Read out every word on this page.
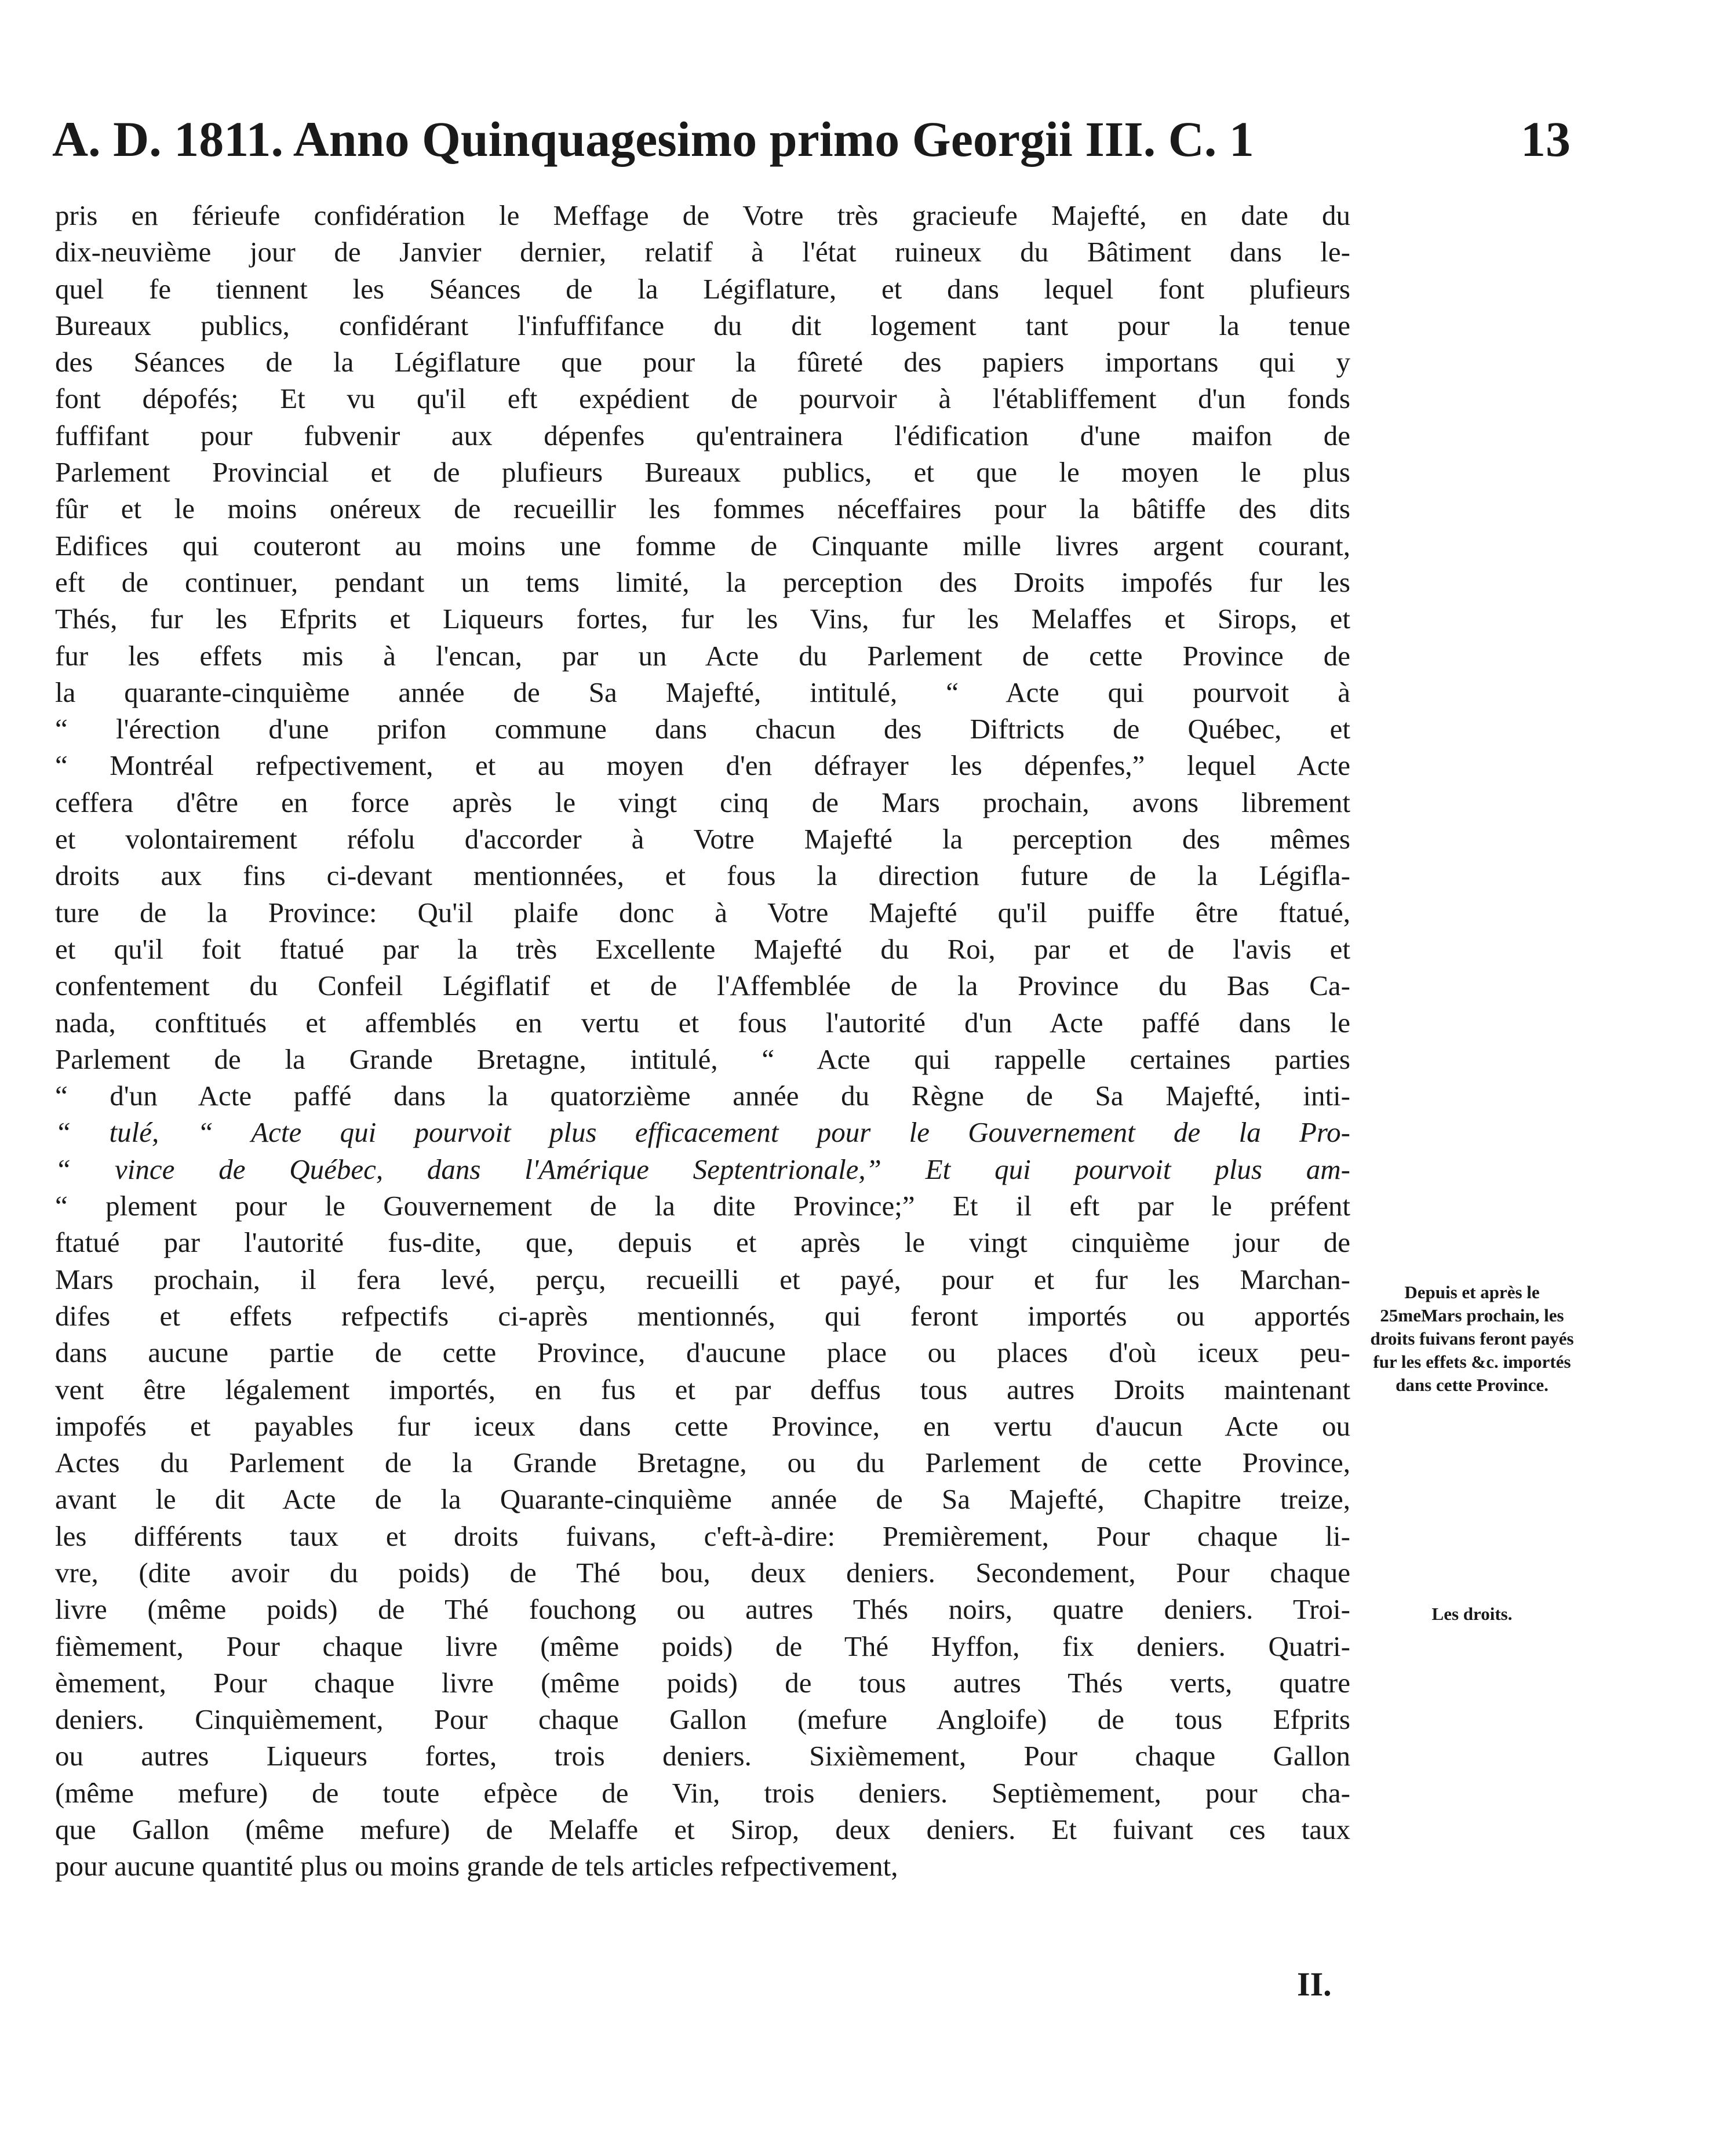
A. D. 1811. Anno Quinquagesimo primo Georgii III. C. 1	13
pris en férieufe confidération le Meffage de Votre très gracieufe Majefté, en date du
dix-neuvième jour de Janvier dernier, relatif à l'état ruineux du Bâtiment dans le-
quel fe tiennent les Séances de la Légiflature, et dans lequel font plufieurs
Bureaux publics, confidérant l'infuffifance du dit logement tant pour la tenue
des Séances de la Légiflature que pour la fûreté des papiers importans qui y
font dépofés; Et vu qu'il eft expédient de pourvoir à l'établiffement d'un fonds
fuffifant pour fubvenir aux dépenfes qu'entrainera l'édification d'une maifon de
Parlement Provincial et de plufieurs Bureaux publics, et que le moyen le plus
fûr et le moins onéreux de recueillir les fommes néceffaires pour la bâtiffe des dits
Edifices qui couteront au moins une fomme de Cinquante mille livres argent courant,
eft de continuer, pendant un tems limité, la perception des Droits impofés fur les
Thés, fur les Efprits et Liqueurs fortes, fur les Vins, fur les Melaffes et Sirops, et
fur les effets mis à l'encan, par un Acte du Parlement de cette Province de
la quarante-cinquième année de Sa Majefté, intitulé, “ Acte qui pourvoit à
“ l'érection d'une prifon commune dans chacun des Diftricts de Québec, et
“ Montréal refpectivement, et au moyen d'en défrayer les dépenfes,” lequel Acte
ceffera d'être en force après le vingt cinq de Mars prochain, avons librement
et volontairement réfolu d'accorder à Votre Majefté la perception des mêmes
droits aux fins ci-devant mentionnées, et fous la direction future de la Légifla-
ture de la Province: Qu'il plaife donc à Votre Majefté qu'il puiffe être ftatué,
et qu'il foit ftatué par la très Excellente Majefté du Roi, par et de l'avis et
confentement du Confeil Légiflatif et de l'Affemblée de la Province du Bas Ca-
nada, conftitués et affemblés en vertu et fous l'autorité d'un Acte paffé dans le
Parlement de la Grande Bretagne, intitulé, “ Acte qui rappelle certaines parties
“ d'un Acte paffé dans la quatorzième année du Règne de Sa Majefté, inti-
“ tulé, “ Acte qui pourvoit plus efficacement pour le Gouvernement de la Pro-
“ vince de Québec, dans l'Amérique Septentrionale,” Et qui pourvoit plus am-
“ plement pour le Gouvernement de la dite Province;” Et il eft par le préfent
ftatué par l'autorité fus-dite, que, depuis et après le vingt cinquième jour de
Mars prochain, il fera levé, perçu, recueilli et payé, pour et fur les Marchan-
difes et effets refpectifs ci-après mentionnés, qui feront importés ou apportés
dans aucune partie de cette Province, d'aucune place ou places d'où iceux peu-
vent être légalement importés, en fus et par deffus tous autres Droits maintenant
impofés et payables fur iceux dans cette Province, en vertu d'aucun Acte ou
Actes du Parlement de la Grande Bretagne, ou du Parlement de cette Province,
avant le dit Acte de la Quarante-cinquième année de Sa Majefté, Chapitre treize,
les différents taux et droits fuivans, c'eft-à-dire: Premièrement, Pour chaque li-
vre, (dite avoir du poids) de Thé bou, deux deniers. Secondement, Pour chaque
livre (même poids) de Thé fouchong ou autres Thés noirs, quatre deniers. Troi-
fièmement, Pour chaque livre (même poids) de Thé Hyffon, fix deniers. Quatri-
èmement, Pour chaque livre (même poids) de tous autres Thés verts, quatre
deniers. Cinquièmement, Pour chaque Gallon (mefure Angloife) de tous Efprits
ou autres Liqueurs fortes, trois deniers. Sixièmement, Pour chaque Gallon
(même mefure) de toute efpèce de Vin, trois deniers. Septièmement, pour cha-
que Gallon (même mefure) de Melaffe et Sirop, deux deniers. Et fuivant ces taux
pour aucune quantité plus ou moins grande de tels articles refpectivement,
Depuis et après le 25meMars prochain, les droits fuivans feront payés fur les effets &c. importés dans cette Province.
Les droits.
II.
